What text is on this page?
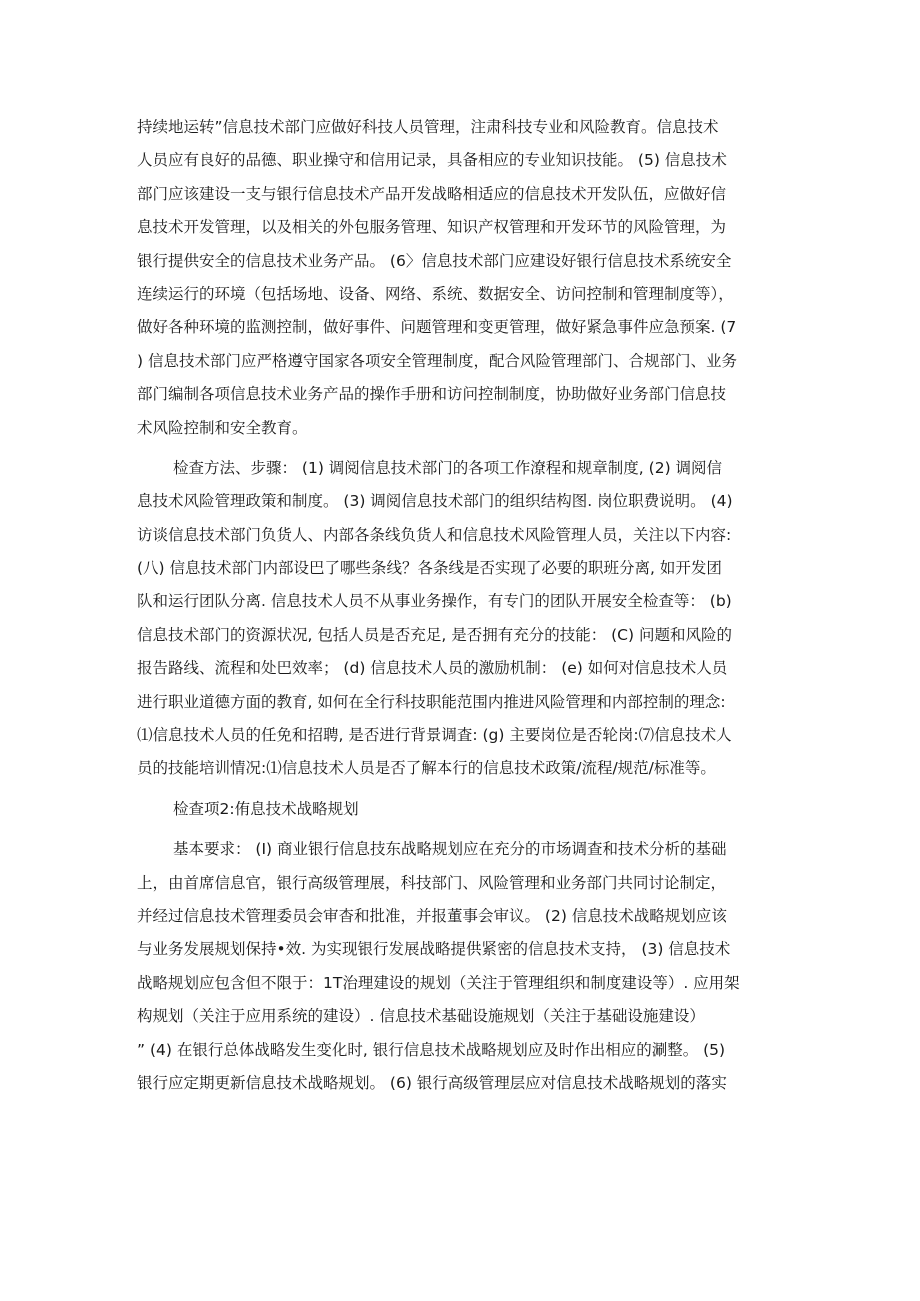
持续地运转”信息技术部门应做好科技人员管理，注肃科技专业和风险教育。信息技术
人员应有良好的品德、职业操守和信用记录，具备相应的专业知识技能。 (5) 信息技术
部门应该建设一支与银行信息技术产品开发战略相适应的信息技术开发队伍，应做好信
息技术开发管理，以及相关的外包服务管理、知识产权管理和开发环节的风险管理，为
银行提供安全的信息技术业务产品。 (6〉信息技术部门应建设好银行信息技术系统安全
连续运行的环境（包括场地、设备、网络、系统、数据安全、访问控制和管理制度等），
做好各种环境的监测控制，做好事件、问题管理和变更管理，做好紧急事件应急预案. (7
) 信息技术部门应严格遵守国家各项安全管理制度，配合风险管理部门、合规部门、业务
部门编制各项信息技术业务产品的操作手册和访问控制制度，协助做好业务部门信息技
术风险控制和安全教育。
检查方法、步骤： (1) 调阅信息技术部门的各项工作潦程和规章制度, (2) 调阅信
息技术风险管理政策和制度。 (3) 调阅信息技术部门的组织结构图. 岗位职费说明。 (4)
访谈信息技术部门负货人、内部各条线负货人和信息技术风险管理人员，关注以下内容:
(八) 信息技术部门内部设巴了哪些条线？各条线是否实现了必要的职班分离, 如开发团
队和运行团队分离. 信息技术人员不从事业务操作，有专门的团队开展安全检查等： (b)
信息技术部门的资源状况, 包括人员是否充足, 是否拥有充分的技能： (C) 问题和风险的
报告路线、流程和处巴效率； (d) 信息技术人员的激励机制： (e) 如何对信息技术人员
进行职业道德方面的教育, 如何在全行科技职能范围内推进风险管理和内部控制的理念:
⑴信息技术人员的任免和招聘, 是否进行背景调査: (g) 主要岗位是否轮岗:⑺信息技术人
员的技能培训情况:⑴信息技术人员是否了解本行的信息技术政策/流程/规范/标准等。
检查项2:侑息技术战略规划
基本要求： (I) 商业银行信息技东战略规划应在充分的市场调查和技术分析的基础
上，由首席信息官，银行高级管理展，科技部门、风险管理和业务部门共同讨论制定，
并经过信息技术管理委员会审杳和批准，并报董事会审议。 (2) 信息技术战略规划应该
与业务发展规划保持•效. 为实现银行发展战略提供紧密的信息技术支持， (3) 信息技术
战略规划应包含但不限于：1T治理建设的规划（关注于管理组织和制度建设等）. 应用架
构规划（关注于应用系统的建设）. 信息技术基础设施规划（关注于基础设施建设）
” (4) 在银行总体战略发生变化时, 银行信息技术战略规划应及时作出相应的涮整。 (5)
银行应定期更新信息技术战略规划。 (6) 银行高级管理层应对信息技术战略规划的落实
